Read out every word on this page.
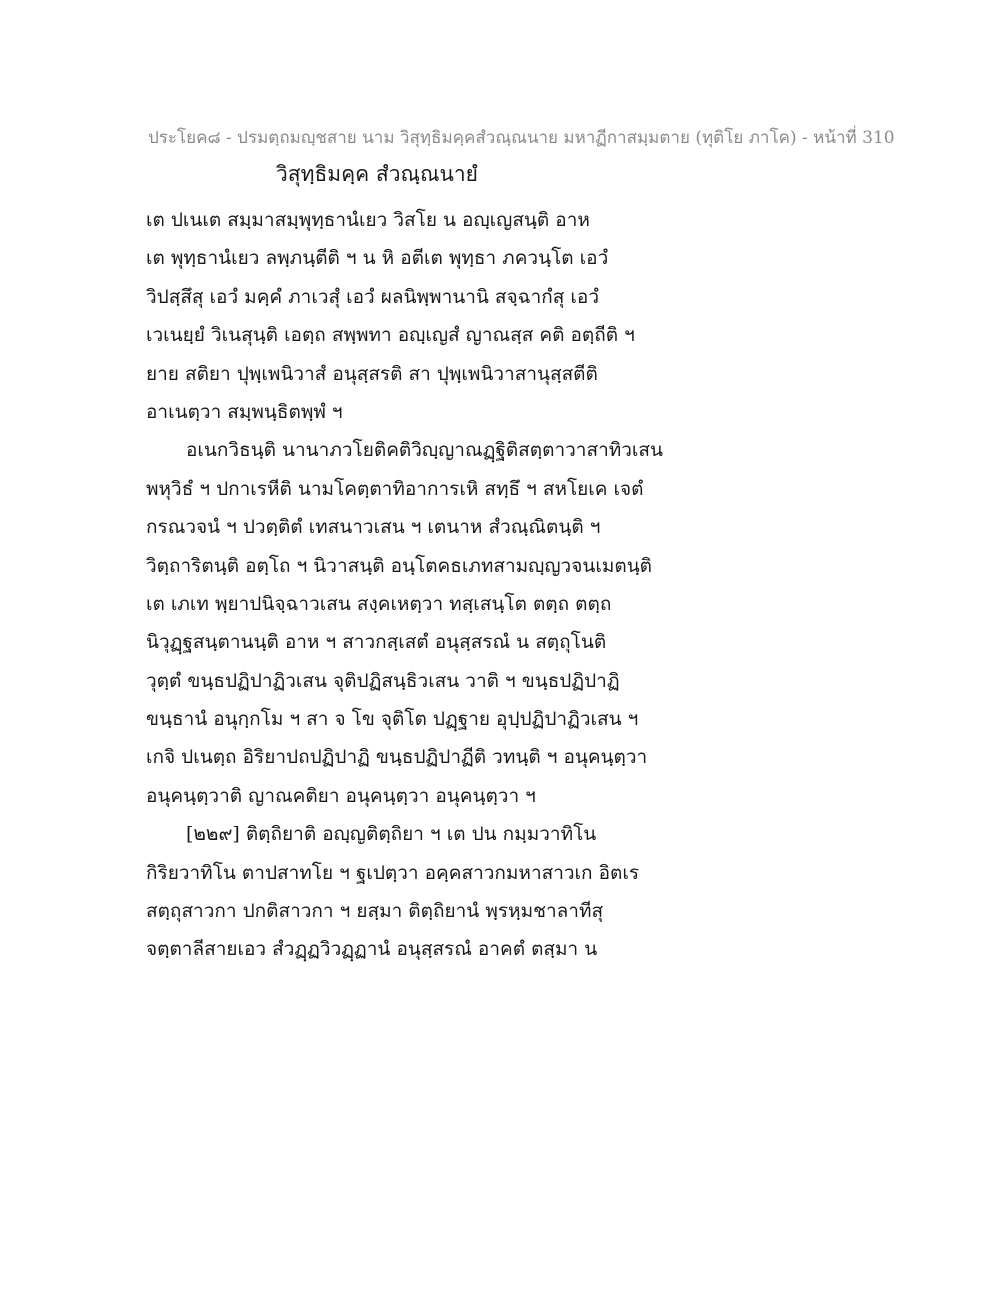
ประโยค๘ - ปรมตฺถมญฺชสาย นาม วิสุทฺธิมคฺคสํวณฺณนาย มหาฏีกาสมฺมตาย (ทุติโย ภาโค) - หน้าที่ 310
วิสุทฺธิมคฺค สํวณฺณนายํ
เต ปเนเต สมฺมาสมฺพุทฺธานํเยว วิสโย น อญฺเญสนฺติ อาห
เต พุทฺธานํเยว ลพฺภนฺตีติ ฯ น หิ อตีเต พุทฺธา ภควนฺโต เอวํ
วิปสฺสึสุ เอวํ มคฺคํ ภาเวสุํ เอวํ ผลนิพฺพานานิ สจฺฉากํสุ เอวํ
เวเนยฺยํ วิเนสุนฺติ เอตฺถ สพฺพทา อญฺเญสํ ญาณสฺส คติ อตฺถีติ ฯ
ยาย สติยา ปุพฺเพนิวาสํ อนุสฺสรติ สา ปุพฺเพนิวาสานุสฺสตีติ
อาเนตฺวา สมฺพนฺธิตพฺพํ ฯ
อเนกวิธนฺติ นานาภวโยติคติวิญฺญาณฏฺฐิติสตฺตาวาสาทิวเสน
พหุวิธํ ฯ ปกาเรหีติ นามโคตฺตาทิอาการเหิ สทฺธึ ฯ สหโยเค เจตํ
กรณวจนํ ฯ ปวตฺติตํ เทสนาวเสน ฯ เตนาห สํวณฺณิตนฺติ ฯ
วิตฺถาริตนฺติ อตฺโถ ฯ นิวาสนฺติ อนฺโตคธเภทสามญฺญวจนเมตนฺติ
เต เภเท พฺยาปนิจฺฉาวเสน สงฺคเหตฺวา ทสฺเสนฺโต ตตฺถ ตตฺถ
นิวุฏฺฐสนฺตานนฺติ อาห ฯ สาวกสฺเสตํ อนุสฺสรณํ น สตฺถุโนติ
วุตฺตํ ขนฺธปฏิปาฏิวเสน จุติปฏิสนฺธิวเสน วาติ ฯ ขนฺธปฏิปาฏิ
ขนฺธานํ อนุกฺกโม ฯ สา จ โข จุติโต ปฏฺฐาย อุปฺปฏิปาฏิวเสน ฯ
เกจิ ปเนตฺถ อิริยาปถปฏิปาฏิ ขนฺธปฏิปาฏีติ วทนฺติ ฯ อนุคนฺตฺวา
อนุคนฺตฺวาติ ญาณคติยา อนุคนฺตฺวา อนุคนฺตฺวา ฯ
[๒๒๙] ติตฺถิยาติ อญฺญติตฺถิยา ฯ เต ปน กมฺมวาทิโน
กิริยวาทิโน ตาปสาทโย ฯ ฐเปตฺวา อคฺคสาวกมหาสาวเก อิตเร
สตฺถุสาวกา ปกติสาวกา ฯ ยสฺมา ติตฺถิยานํ พฺรหฺมชาลาทีสุ
จตฺตาลีสายเอว สํวฏฺฏวิวฏฺฏานํ อนุสฺสรณํ อาคตํ ตสฺมา น
